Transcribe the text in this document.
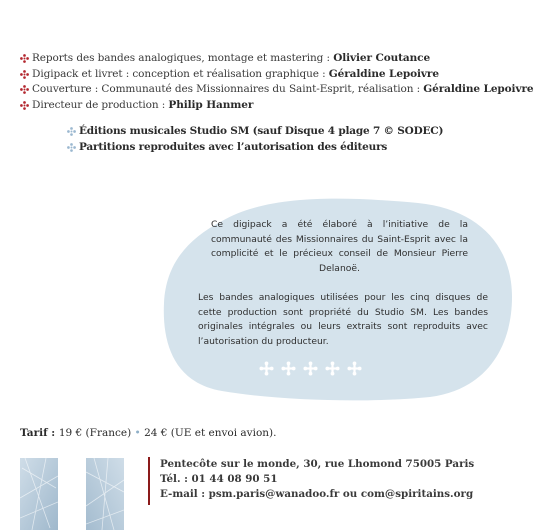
Reports des bandes analogiques, montage et mastering : Olivier Coutance
Digipack et livret : conception et réalisation graphique : Géraldine Lepoivre
Couverture : Communauté des Missionnaires du Saint-Esprit, réalisation : Géraldine Lepoivre
Directeur de production : Philip Hanmer
Éditions musicales Studio SM (sauf Disque 4 plage 7 © SODEC)
Partitions reproduites avec l’autorisation des éditeurs
Ce digipack a été élaboré à l’initiative de la communauté des Missionnaires du Saint-Esprit avec la complicité et le précieux conseil de Monsieur Pierre Delanoë.
Les bandes analogiques utilisées pour les cinq disques de cette production sont propriété du Studio SM. Les bandes originales intégrales ou leurs extraits sont reproduits avec l’autorisation du producteur.
Tarif : 19 € (France) • 24 € (UE et envoi avion).
Pentecôte sur le monde, 30, rue Lhomond 75005 Paris
Tél. : 01 44 08 90 51
E-mail : psm.paris@wanadoo.fr ou com@spiritains.org
